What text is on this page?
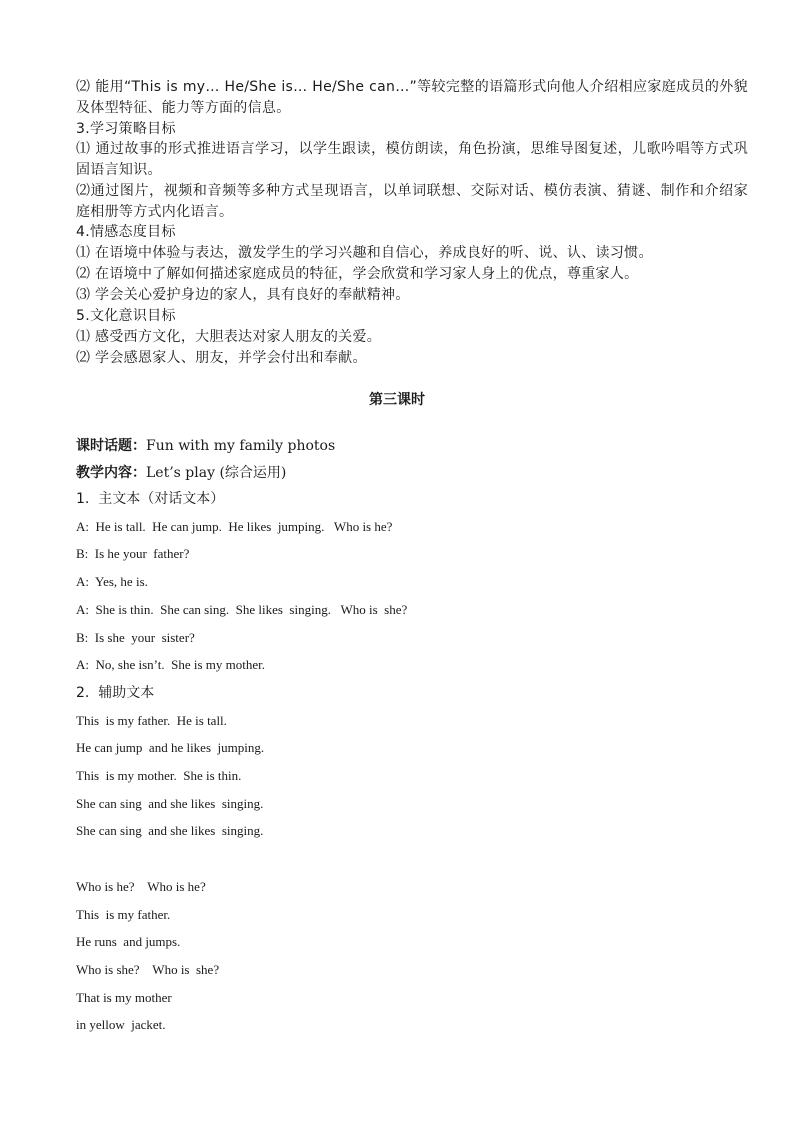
⑵ 能用“This is my… He/She is… He/She can…”等较完整的语篇形式向他人介绍相应家庭成员的外貌及体型特征、能力等方面的信息。
3.学习策略目标
⑴ 通过故事的形式推进语言学习，以学生跟读，模仿朗读，角色扮演，思维导图复述，儿歌吟唱等方式巩固语言知识。
⑵通过图片，视频和音频等多种方式呈现语言，以单词联想、交际对话、模仿表演、猜谜、制作和介绍家庭相册等方式内化语言。
4.情感态度目标
⑴ 在语境中体验与表达，激发学生的学习兴趣和自信心，养成良好的听、说、认、读习惯。
⑵ 在语境中了解如何描述家庭成员的特征，学会欣赏和学习家人身上的优点，尊重家人。
⑶ 学会关心爱护身边的家人，具有良好的奉献精神。
5.文化意识目标
⑴ 感受西方文化，大胆表达对家人朋友的关爱。
⑵ 学会感恩家人、朋友，并学会付出和奉献。
第三课时
课时话题：Fun with my family photos
教学内容：Let’s play (综合运用)
1.  主文本（对话文本）
A:  He is tall.  He can jump.  He likes  jumping.   Who is he?
B:  Is he your  father?
A:  Yes, he is.
A:  She is thin.  She can sing.  She likes  singing.   Who is  she?
B:  Is she  your  sister?
A:  No, she isn’t.  She is my mother.
2.  辅助文本
This  is my father.  He is tall.
He can jump  and he likes  jumping.
This  is my mother.  She is thin.
She can sing  and she likes  singing.
She can sing  and she likes  singing.
Who is he?    Who is he?
This  is my father.
He runs  and jumps.
Who is she?    Who is  she?
That is my mother
in yellow  jacket.
